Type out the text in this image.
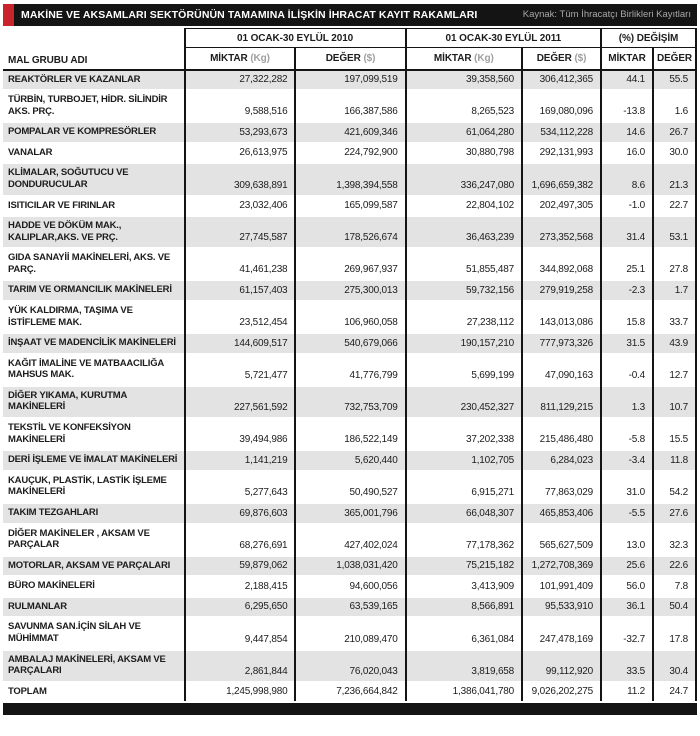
MAKİNE VE AKSAMLARI SEKTÖRÜNÜN TAMAMINA İLİŞKİN İHRACAT KAYIT RAKAMLARI	Kaynak: Tüm İhracatçı Birlikleri Kayıtları
	01 OCAK-30 EYLÜL 2010		01 OCAK-30 EYLÜL 2011		(%) DEĞİŞİM	
MAL GRUBU ADI	MİKTAR (Kg)	DEĞER ($)	MİKTAR (Kg)	DEĞER ($)	MİKTAR	DEĞER
REAKTÖRLER VE KAZANLAR	27,322,282	197,099,519	39,358,560	306,412,365	44.1	55.5
TÜRBİN, TURBOJET, HİDR. SİLİNDİR AKS. PRÇ.	9,588,516	166,387,586	8,265,523	169,080,096	-13.8	1.6
POMPALAR VE KOMPRESÖRLER	53,293,673	421,609,346	61,064,280	534,112,228	14.6	26.7
VANALAR	26,613,975	224,792,900	30,880,798	292,131,993	16.0	30.0
KLİMALAR, SOĞUTUCU VE DONDURUCULAR	309,638,891	1,398,394,558	336,247,080	1,696,659,382	8.6	21.3
ISITICILAR VE FIRINLAR	23,032,406	165,099,587	22,804,102	202,497,305	-1.0	22.7
HADDE VE DÖKÜM MAK., KALIPLAR,AKS. VE PRÇ.	27,745,587	178,526,674	36,463,239	273,352,568	31.4	53.1
GIDA SANAYİİ MAKİNELERİ, AKS. VE PARÇ.	41,461,238	269,967,937	51,855,487	344,892,068	25.1	27.8
TARIM VE ORMANCILIK MAKİNELERİ	61,157,403	275,300,013	59,732,156	279,919,258	-2.3	1.7
YÜK KALDIRMA, TAŞIMA VE İSTİFLEME MAK.	23,512,454	106,960,058	27,238,112	143,013,086	15.8	33.7
İNŞAAT VE MADENCİLİK MAKİNELERİ	144,609,517	540,679,066	190,157,210	777,973,326	31.5	43.9
KAĞIT İMALİNE VE MATBAACILIĞA MAHSUS MAK.	5,721,477	41,776,799	5,699,199	47,090,163	-0.4	12.7
DİĞER YIKAMA, KURUTMA MAKİNELERİ	227,561,592	732,753,709	230,452,327	811,129,215	1.3	10.7
TEKSTİL VE KONFEKSİYON MAKİNELERİ	39,494,986	186,522,149	37,202,338	215,486,480	-5.8	15.5
DERİ İŞLEME VE İMALAT MAKİNELERİ	1,141,219	5,620,440	1,102,705	6,284,023	-3.4	11.8
KAUÇUK, PLASTİK, LASTİK İŞLEME MAKİNELERİ	5,277,643	50,490,527	6,915,271	77,863,029	31.0	54.2
TAKIM TEZGAHLARI	69,876,603	365,001,796	66,048,307	465,853,406	-5.5	27.6
DİĞER MAKİNELER , AKSAM VE PARÇALAR	68,276,691	427,402,024	77,178,362	565,627,509	13.0	32.3
MOTORLAR, AKSAM VE PARÇALARI	59,879,062	1,038,031,420	75,215,182	1,272,708,369	25.6	22.6
BÜRO MAKİNELERİ	2,188,415	94,600,056	3,413,909	101,991,409	56.0	7.8
RULMANLAR	6,295,650	63,539,165	8,566,891	95,533,910	36.1	50.4
SAVUNMA SAN.İÇİN SİLAH VE MÜHİMMAT	9,447,854	210,089,470	6,361,084	247,478,169	-32.7	17.8
AMBALAJ MAKİNELERİ, AKSAM VE PARÇALARI	2,861,844	76,020,043	3,819,658	99,112,920	33.5	30.4
TOPLAM	1,245,998,980	7,236,664,842	1,386,041,780	9,026,202,275	11.2	24.7
